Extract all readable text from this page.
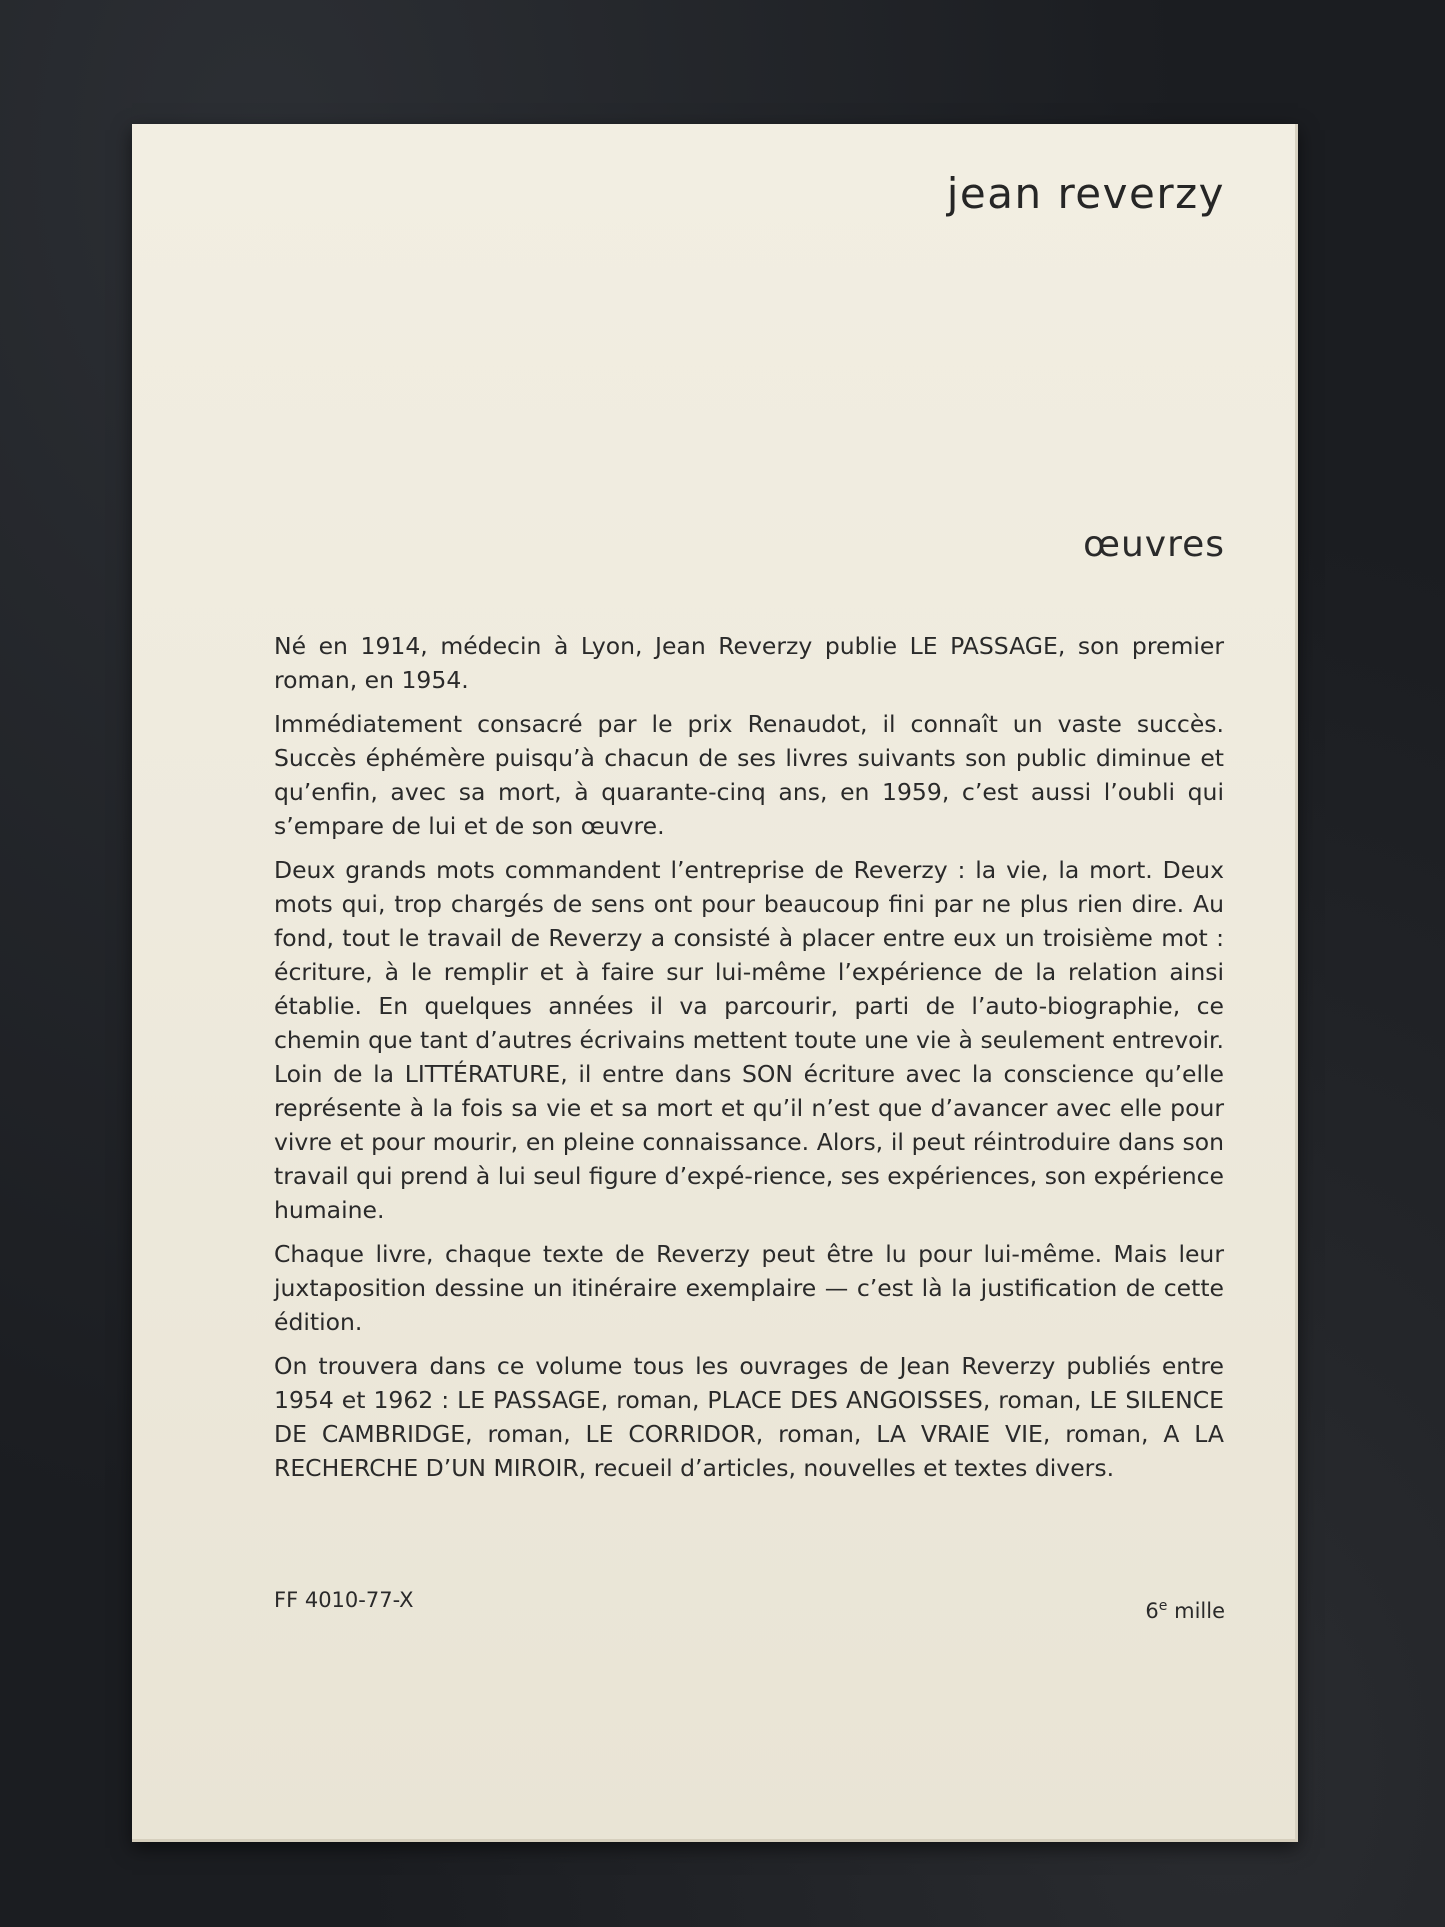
jean reverzy
œuvres

Né en 1914, médecin à Lyon, Jean Reverzy publie LE PASSAGE, son premier roman, en 1954.

Immédiatement consacré par le prix Renaudot, il connaît un vaste succès. Succès éphémère puisqu’à chacun de ses livres suivants son public diminue et qu’enfin, avec sa mort, à quarante-cinq ans, en 1959, c’est aussi l’oubli qui s’empare de lui et de son œuvre.

Deux grands mots commandent l’entreprise de Reverzy : la vie, la mort. Deux mots qui, trop chargés de sens ont pour beaucoup fini par ne plus rien dire. Au fond, tout le travail de Reverzy a consisté à placer entre eux un troisième mot : écriture, à le remplir et à faire sur lui-même l’expérience de la relation ainsi établie. En quelques années il va parcourir, parti de l’auto-biographie, ce chemin que tant d’autres écrivains mettent toute une vie à seulement entrevoir. Loin de la LITTÉRATURE, il entre dans SON écriture avec la conscience qu’elle représente à la fois sa vie et sa mort et qu’il n’est que d’avancer avec elle pour vivre et pour mourir, en pleine connaissance. Alors, il peut réintroduire dans son travail qui prend à lui seul figure d’expé-rience, ses expériences, son expérience humaine.

Chaque livre, chaque texte de Reverzy peut être lu pour lui-même. Mais leur juxtaposition dessine un itinéraire exemplaire — c’est là la justification de cette édition.

On trouvera dans ce volume tous les ouvrages de Jean Reverzy publiés entre 1954 et 1962 : LE PASSAGE, roman, PLACE DES ANGOISSES, roman, LE SILENCE DE CAMBRIDGE, roman, LE CORRIDOR, roman, LA VRAIE VIE, roman, A LA RECHERCHE D’UN MIROIR, recueil d’articles, nouvelles et textes divers.

FF 4010-77-X	6e mille
